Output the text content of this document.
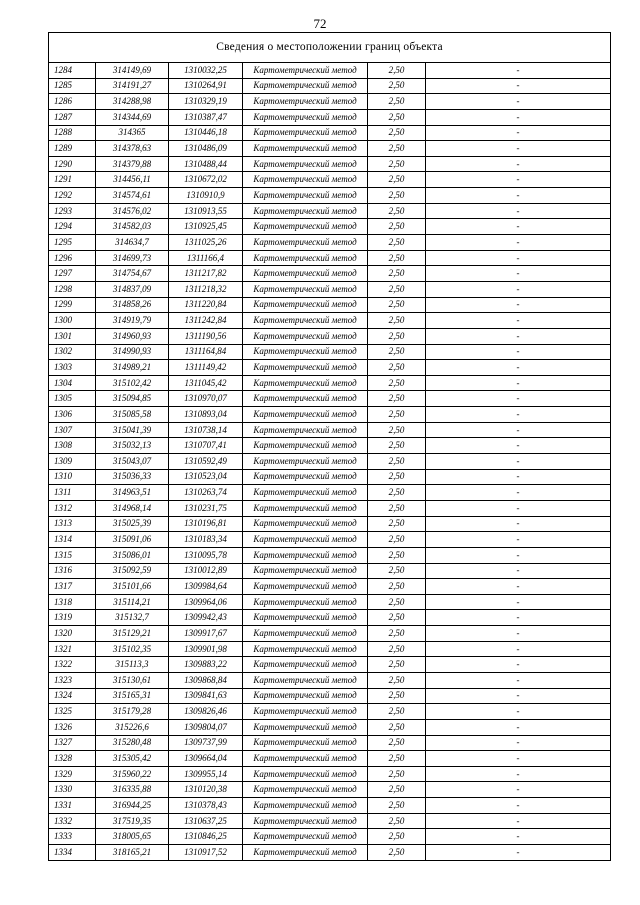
72
Сведения о местоположении границ объекта					
1284	314149,69	1310032,25	Картометрический метод	2,50	-
1285	314191,27	1310264,91	Картометрический метод	2,50	-
1286	314288,98	1310329,19	Картометрический метод	2,50	-
1287	314344,69	1310387,47	Картометрический метод	2,50	-
1288	314365	1310446,18	Картометрический метод	2,50	-
1289	314378,63	1310486,09	Картометрический метод	2,50	-
1290	314379,88	1310488,44	Картометрический метод	2,50	-
1291	314456,11	1310672,02	Картометрический метод	2,50	-
1292	314574,61	1310910,9	Картометрический метод	2,50	-
1293	314576,02	1310913,55	Картометрический метод	2,50	-
1294	314582,03	1310925,45	Картометрический метод	2,50	-
1295	314634,7	1311025,26	Картометрический метод	2,50	-
1296	314699,73	1311166,4	Картометрический метод	2,50	-
1297	314754,67	1311217,82	Картометрический метод	2,50	-
1298	314837,09	1311218,32	Картометрический метод	2,50	-
1299	314858,26	1311220,84	Картометрический метод	2,50	-
1300	314919,79	1311242,84	Картометрический метод	2,50	-
1301	314960,93	1311190,56	Картометрический метод	2,50	-
1302	314990,93	1311164,84	Картометрический метод	2,50	-
1303	314989,21	1311149,42	Картометрический метод	2,50	-
1304	315102,42	1311045,42	Картометрический метод	2,50	-
1305	315094,85	1310970,07	Картометрический метод	2,50	-
1306	315085,58	1310893,04	Картометрический метод	2,50	-
1307	315041,39	1310738,14	Картометрический метод	2,50	-
1308	315032,13	1310707,41	Картометрический метод	2,50	-
1309	315043,07	1310592,49	Картометрический метод	2,50	-
1310	315036,33	1310523,04	Картометрический метод	2,50	-
1311	314963,51	1310263,74	Картометрический метод	2,50	-
1312	314968,14	1310231,75	Картометрический метод	2,50	-
1313	315025,39	1310196,81	Картометрический метод	2,50	-
1314	315091,06	1310183,34	Картометрический метод	2,50	-
1315	315086,01	1310095,78	Картометрический метод	2,50	-
1316	315092,59	1310012,89	Картометрический метод	2,50	-
1317	315101,66	1309984,64	Картометрический метод	2,50	-
1318	315114,21	1309964,06	Картометрический метод	2,50	-
1319	315132,7	1309942,43	Картометрический метод	2,50	-
1320	315129,21	1309917,67	Картометрический метод	2,50	-
1321	315102,35	1309901,98	Картометрический метод	2,50	-
1322	315113,3	1309883,22	Картометрический метод	2,50	-
1323	315130,61	1309868,84	Картометрический метод	2,50	-
1324	315165,31	1309841,63	Картометрический метод	2,50	-
1325	315179,28	1309826,46	Картометрический метод	2,50	-
1326	315226,6	1309804,07	Картометрический метод	2,50	-
1327	315280,48	1309737,99	Картометрический метод	2,50	-
1328	315305,42	1309664,04	Картометрический метод	2,50	-
1329	315960,22	1309955,14	Картометрический метод	2,50	-
1330	316335,88	1310120,38	Картометрический метод	2,50	-
1331	316944,25	1310378,43	Картометрический метод	2,50	-
1332	317519,35	1310637,25	Картометрический метод	2,50	-
1333	318005,65	1310846,25	Картометрический метод	2,50	-
1334	318165,21	1310917,52	Картометрический метод	2,50	-
